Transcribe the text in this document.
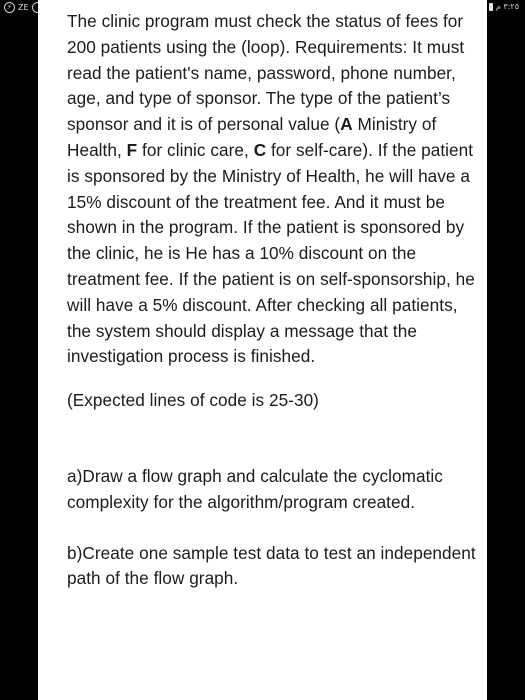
⚡ ZE	٣:٢٥ م

The clinic program must check the status of fees for 200 patients using the (loop). Requirements: It must read the patient's name, password, phone number, age, and type of sponsor. The type of the patient’s sponsor and it is of personal value (A Ministry of Health, F for clinic care, C for self-care). If the patient is sponsored by the Ministry of Health, he will have a 15% discount of the treatment fee. And it must be shown in the program. If the patient is sponsored by the clinic, he is He has a 10% discount on the treatment fee. If the patient is on self-sponsorship, he will have a 5% discount. After checking all patients, the system should display a message that the investigation process is finished.

(Expected lines of code is 25-30)

a)Draw a flow graph and calculate the cyclomatic complexity for the algorithm/program created.

b)Create one sample test data to test an independent path of the flow graph.
